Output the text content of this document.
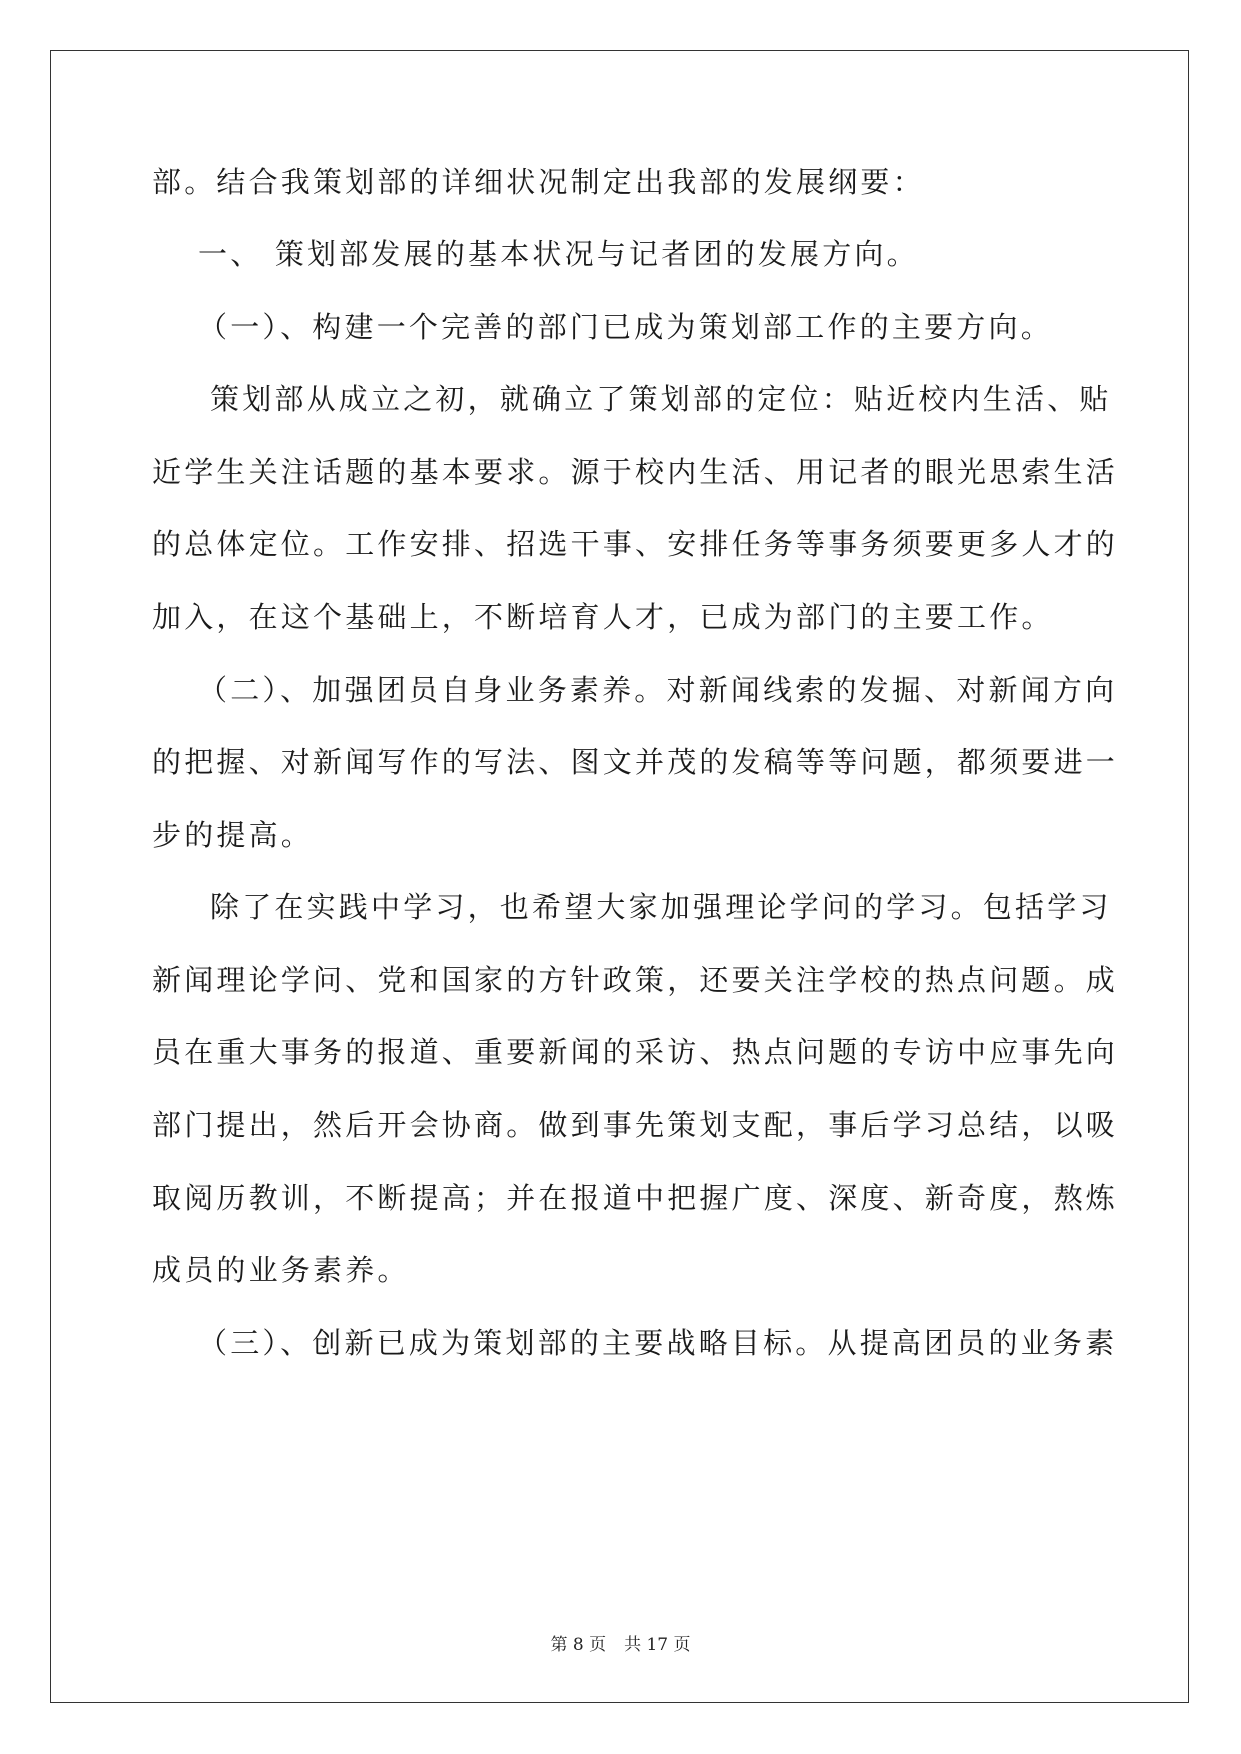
部。结合我策划部的详细状况制定出我部的发展纲要：
一、 策划部发展的基本状况与记者团的发展方向。
（一）、构建一个完善的部门已成为策划部工作的主要方向。
策划部从成立之初，就确立了策划部的定位：贴近校内生活、贴
近学生关注话题的基本要求。源于校内生活、用记者的眼光思索生活
的总体定位。工作安排、招选干事、安排任务等事务须要更多人才的
加入，在这个基础上，不断培育人才，已成为部门的主要工作。
（二）、加强团员自身业务素养。对新闻线索的发掘、对新闻方向
的把握、对新闻写作的写法、图文并茂的发稿等等问题，都须要进一
步的提高。
除了在实践中学习，也希望大家加强理论学问的学习。包括学习
新闻理论学问、党和国家的方针政策，还要关注学校的热点问题。成
员在重大事务的报道、重要新闻的采访、热点问题的专访中应事先向
部门提出，然后开会协商。做到事先策划支配，事后学习总结，以吸
取阅历教训，不断提高；并在报道中把握广度、深度、新奇度，熬炼
成员的业务素养。
（三）、创新已成为策划部的主要战略目标。从提高团员的业务素
第 8 页 共 17 页
